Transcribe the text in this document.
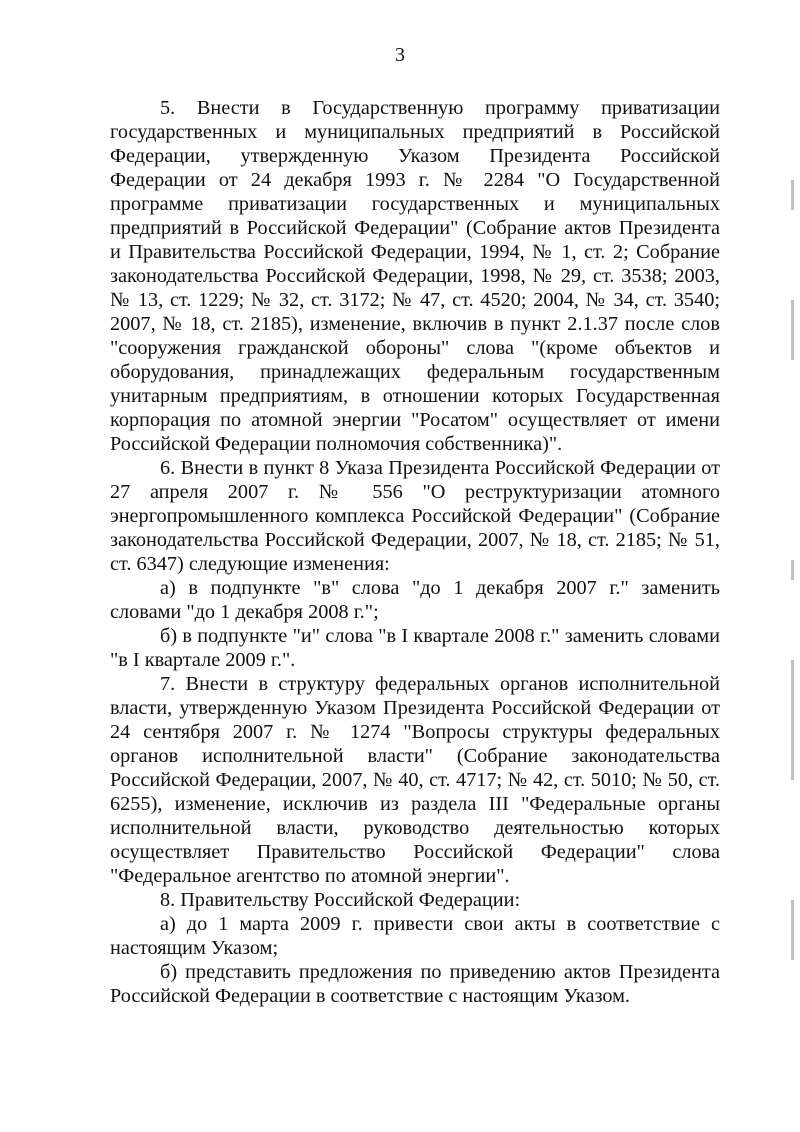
3

5. Внести в Государственную программу приватизации государственных и муниципальных предприятий в Российской Федерации, утвержденную Указом Президента Российской Федерации от 24 декабря 1993 г. № 2284 "О Государственной программе приватизации государственных и муниципальных предприятий в Российской Федерации" (Собрание актов Президента и Правительства Российской Федерации, 1994, № 1, ст. 2; Собрание законодательства Российской Федерации, 1998, № 29, ст. 3538; 2003, № 13, ст. 1229; № 32, ст. 3172; № 47, ст. 4520; 2004, № 34, ст. 3540; 2007, № 18, ст. 2185), изменение, включив в пункт 2.1.37 после слов "сооружения гражданской обороны" слова "(кроме объектов и оборудования, принадлежащих федеральным государственным унитарным предприятиям, в отношении которых Государственная корпорация по атомной энергии "Росатом" осуществляет от имени Российской Федерации полномочия собственника)".

6. Внести в пункт 8 Указа Президента Российской Федерации от 27 апреля 2007 г. № 556 "О реструктуризации атомного энергопромышленного комплекса Российской Федерации" (Собрание законодательства Российской Федерации, 2007, № 18, ст. 2185; № 51, ст. 6347) следующие изменения:

а) в подпункте "в" слова "до 1 декабря 2007 г." заменить словами "до 1 декабря 2008 г.";

б) в подпункте "и" слова "в I квартале 2008 г." заменить словами "в I квартале 2009 г.".

7. Внести в структуру федеральных органов исполнительной власти, утвержденную Указом Президента Российской Федерации от 24 сентября 2007 г. № 1274 "Вопросы структуры федеральных органов исполнительной власти" (Собрание законодательства Российской Федерации, 2007, № 40, ст. 4717; № 42, ст. 5010; № 50, ст. 6255), изменение, исключив из раздела III "Федеральные органы исполнительной власти, руководство деятельностью которых осуществляет Правительство Российской Федерации" слова "Федеральное агентство по атомной энергии".

8. Правительству Российской Федерации:

а) до 1 марта 2009 г. привести свои акты в соответствие с настоящим Указом;

б) представить предложения по приведению актов Президента Российской Федерации в соответствие с настоящим Указом.
